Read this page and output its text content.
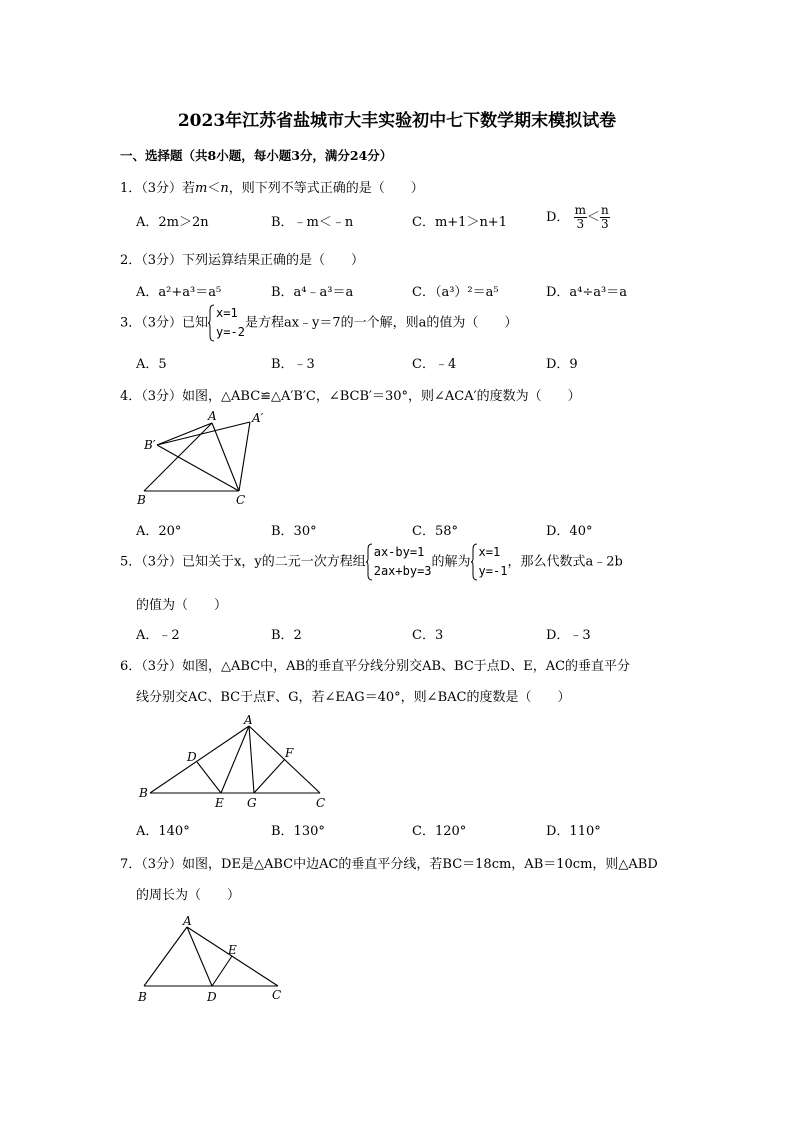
2023年江苏省盐城市大丰实验初中七下数学期末模拟试卷
一、选择题（共8小题，每小题3分，满分24分）
1．（3分）若m＜n，则下列不等式正确的是（　　）
A．2m＞2n	B．﹣m＜﹣n	C．m+1＞n+1	D． $\frac{m}{3} < \frac{n}{3}$
2．（3分）下列运算结果正确的是（　　）
A．a²+a³＝a⁵	B．a⁴﹣a³＝a	C．（a³）²＝a⁵	D．a⁴÷a³＝a
3．（3分）已知
x=1
y=-2
是方程ax﹣y＝7的一个解，则a的值为（　　）
A．5	B．﹣3	C．﹣4	D．9
4．（3分）如图，△ABC≌△A′B′C，∠BCB′＝30°，则∠ACA′的度数为（　　）
A	A′
B′
B	C
A．20°	B．30°	C．58°	D．40°
5．（3分）已知关于x，y的二元一次方程组
ax-by=1
2ax+by=3
的解为
x=1
y=-1
，那么代数式a﹣2b
的值为（　　）
A．﹣2	B．2	C．3	D．﹣3
6．（3分）如图，△ABC中，AB的垂直平分线分别交AB、BC于点D、E，AC的垂直平分
线分别交AC、BC于点F、G，若∠EAG＝40°，则∠BAC的度数是（　　）
A
D	F
B
E G	C
A．140°	B．130°	C．120°	D．110°
7．（3分）如图，DE是△ABC中边AC的垂直平分线，若BC＝18cm，AB＝10cm，则△ABD
的周长为（　　）
A
E
B	D	C
